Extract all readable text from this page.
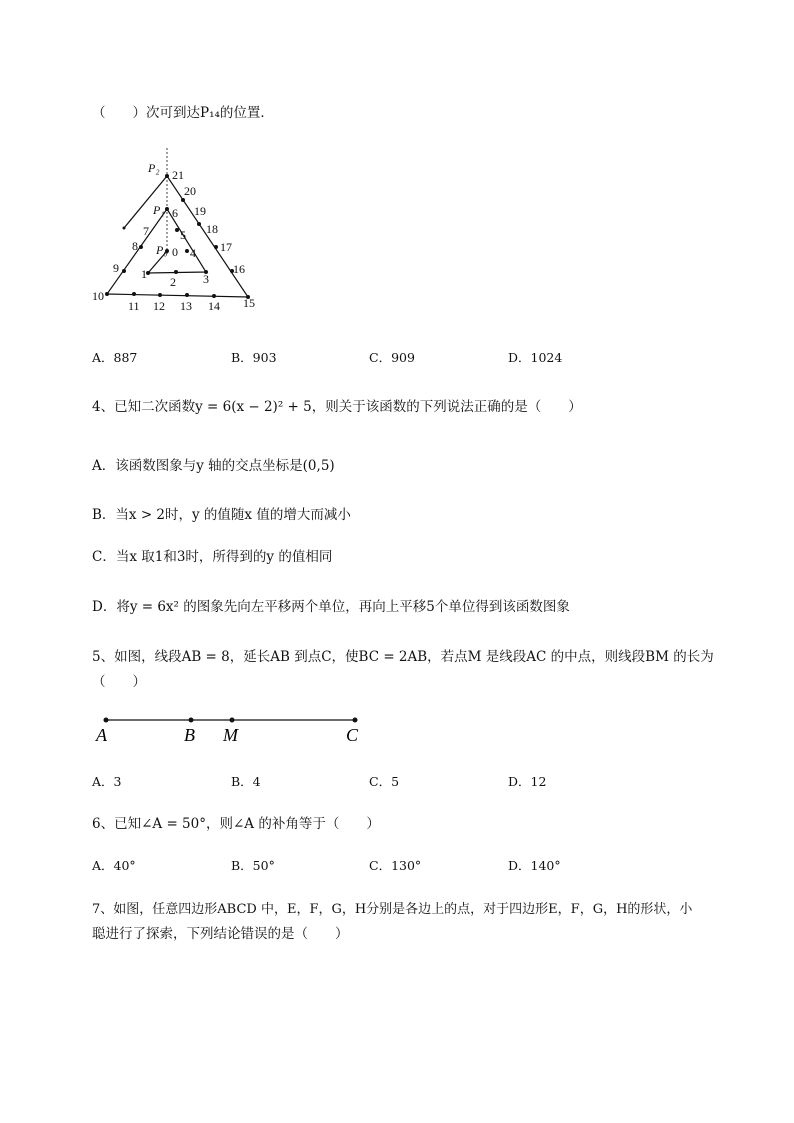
（　　）次可到达P₁₄的位置．
P₂ 21
20
19
P₁ 6
18
7	5
8	17
P₀ 0 4
9	16
1	3
2
10
11 12 13 14 15
A．887	B．903	C．909	D．1024
4、已知二次函数y = 6(x − 2)² + 5，则关于该函数的下列说法正确的是（　　）
A．该函数图象与y 轴的交点坐标是(0,5)
B．当x > 2时，y 的值随x 值的增大而减小
C．当x 取1和3时，所得到的y 的值相同
D．将y = 6x² 的图象先向左平移两个单位，再向上平移5个单位得到该函数图象
5、如图，线段AB = 8，延长AB 到点C，使BC = 2AB，若点M 是线段AC 的中点，则线段BM 的长为
（　　）
A	B M	C
A．3	B．4	C．5	D．12
6、已知∠A = 50°，则∠A 的补角等于（　　）
A．40°	B．50°	C．130°	D．140°
7、如图，任意四边形ABCD 中，E，F，G，H分别是各边上的点，对于四边形E，F，G，H的形状，小
聪进行了探索，下列结论错误的是（　　）
